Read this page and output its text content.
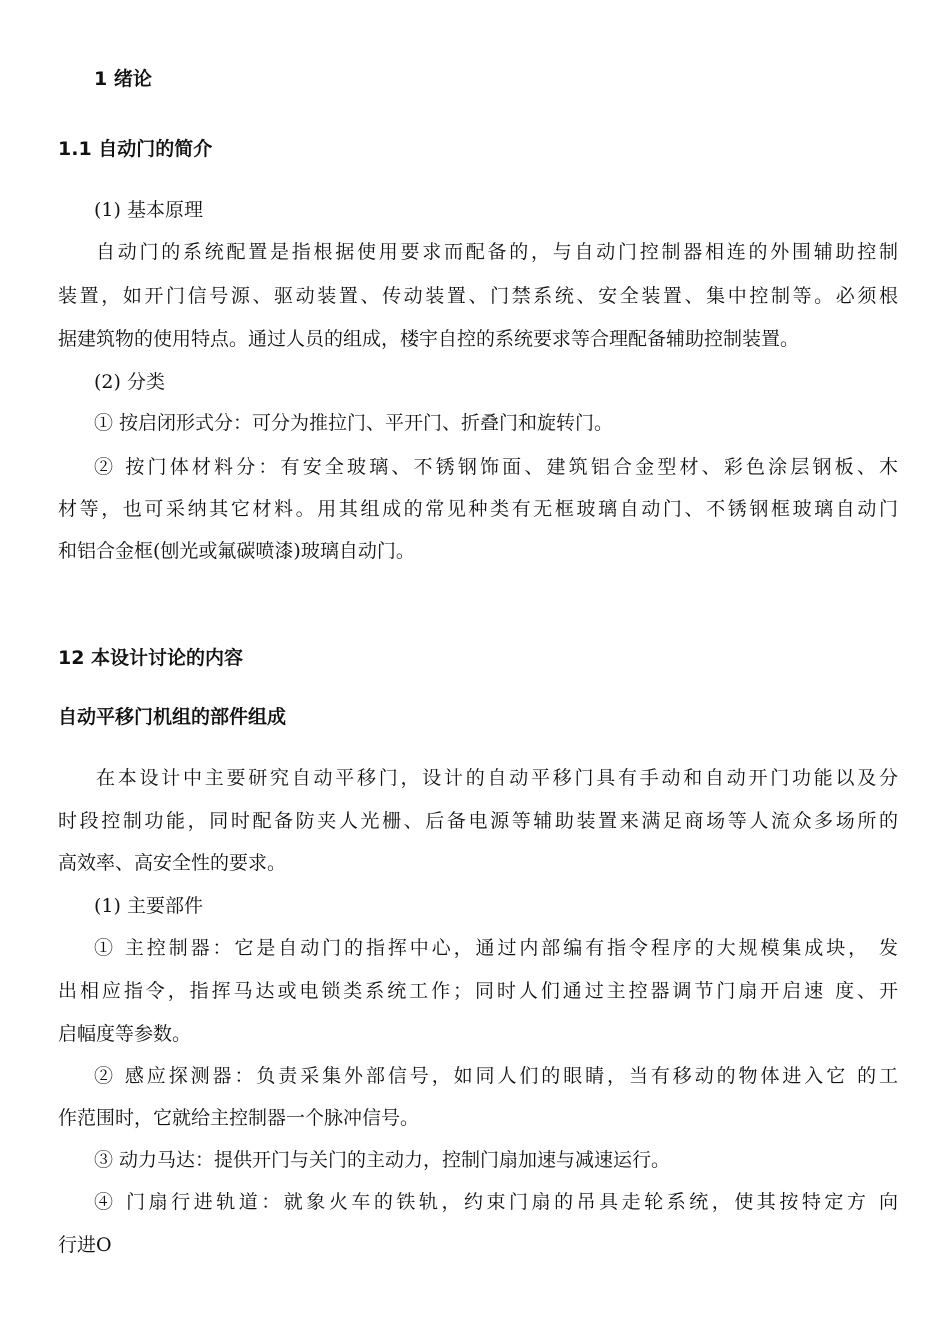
1 绪论

1.1 自动门的简介

(1) 基本原理

自动门的系统配置是指根据使用要求而配备的，与自动门控制器相连的外围辅助控制

装置，如开门信号源、驱动装置、传动装置、门禁系统、安全装置、集中控制等。必须根

据建筑物的使用特点。通过人员的组成，楼宇自控的系统要求等合理配备辅助控制装置。

(2) 分类

① 按启闭形式分：可分为推拉门、平开门、折叠门和旋转门。

② 按门体材料分：有安全玻璃、不锈钢饰面、建筑铝合金型材、彩色涂层钢板、木

材等，也可采纳其它材料。用其组成的常见种类有无框玻璃自动门、不锈钢框玻璃自动门

和铝合金框(刨光或氟碳喷漆)玻璃自动门。

12 本设计讨论的内容

自动平移门机组的部件组成

在本设计中主要研究自动平移门，设计的自动平移门具有手动和自动开门功能以及分

时段控制功能，同时配备防夹人光栅、后备电源等辅助装置来满足商场等人流众多场所的

高效率、高安全性的要求。

(1) 主要部件

① 主控制器：它是自动门的指挥中心，通过内部编有指令程序的大规模集成块， 发

出相应指令，指挥马达或电锁类系统工作；同时人们通过主控器调节门扇开启速 度、开

启幅度等参数。

② 感应探测器：负责采集外部信号，如同人们的眼睛，当有移动的物体进入它 的工

作范围时，它就给主控制器一个脉冲信号。

③ 动力马达：提供开门与关门的主动力，控制门扇加速与减速运行。

④ 门扇行进轨道：就象火车的铁轨，约束门扇的吊具走轮系统，使其按特定方 向

行进O
